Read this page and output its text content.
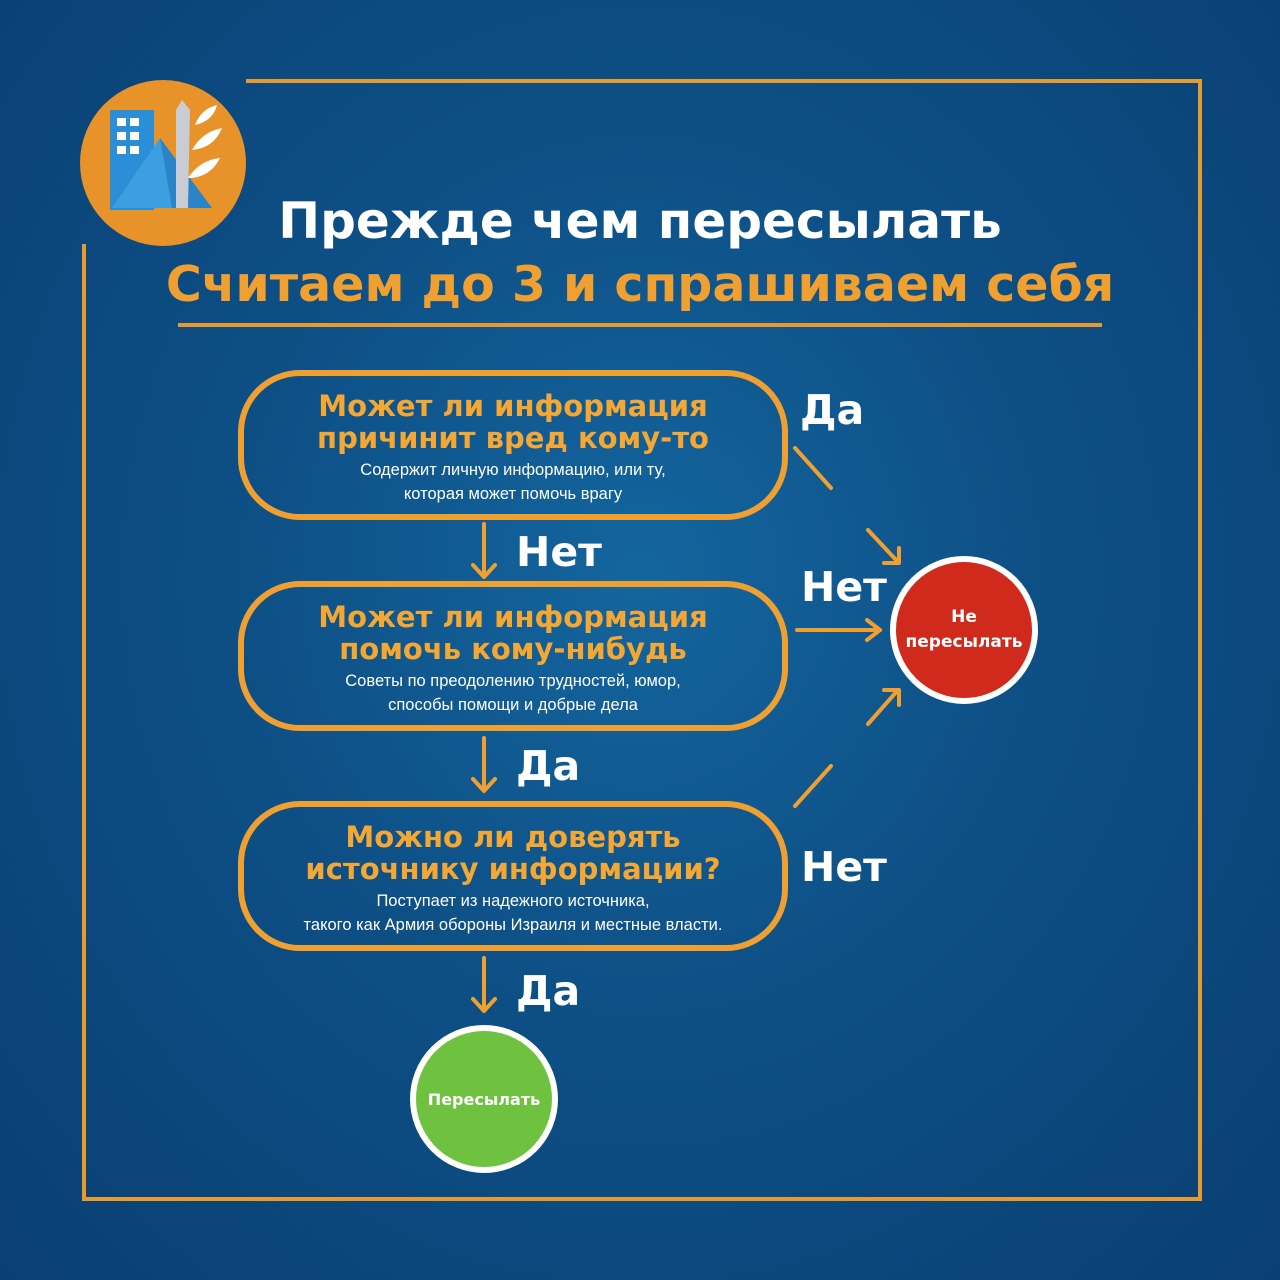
Прежде чем пересылать
Считаем до 3 и спрашиваем себя
Может ли информация
причинит вред кому-то
Содержит личную информацию, или ту,
которая может помочь врагу
Может ли информация
помочь кому-нибудь
Советы по преодолению трудностей, юмор,
способы помощи и добрые дела
Можно ли доверять
источнику информации?
Поступает из надежного источника,
такого как Армия обороны Израиля и местные власти.
Да
Нет
Нет
Да
Нет
Да
Не
пересылать
Пересылать
